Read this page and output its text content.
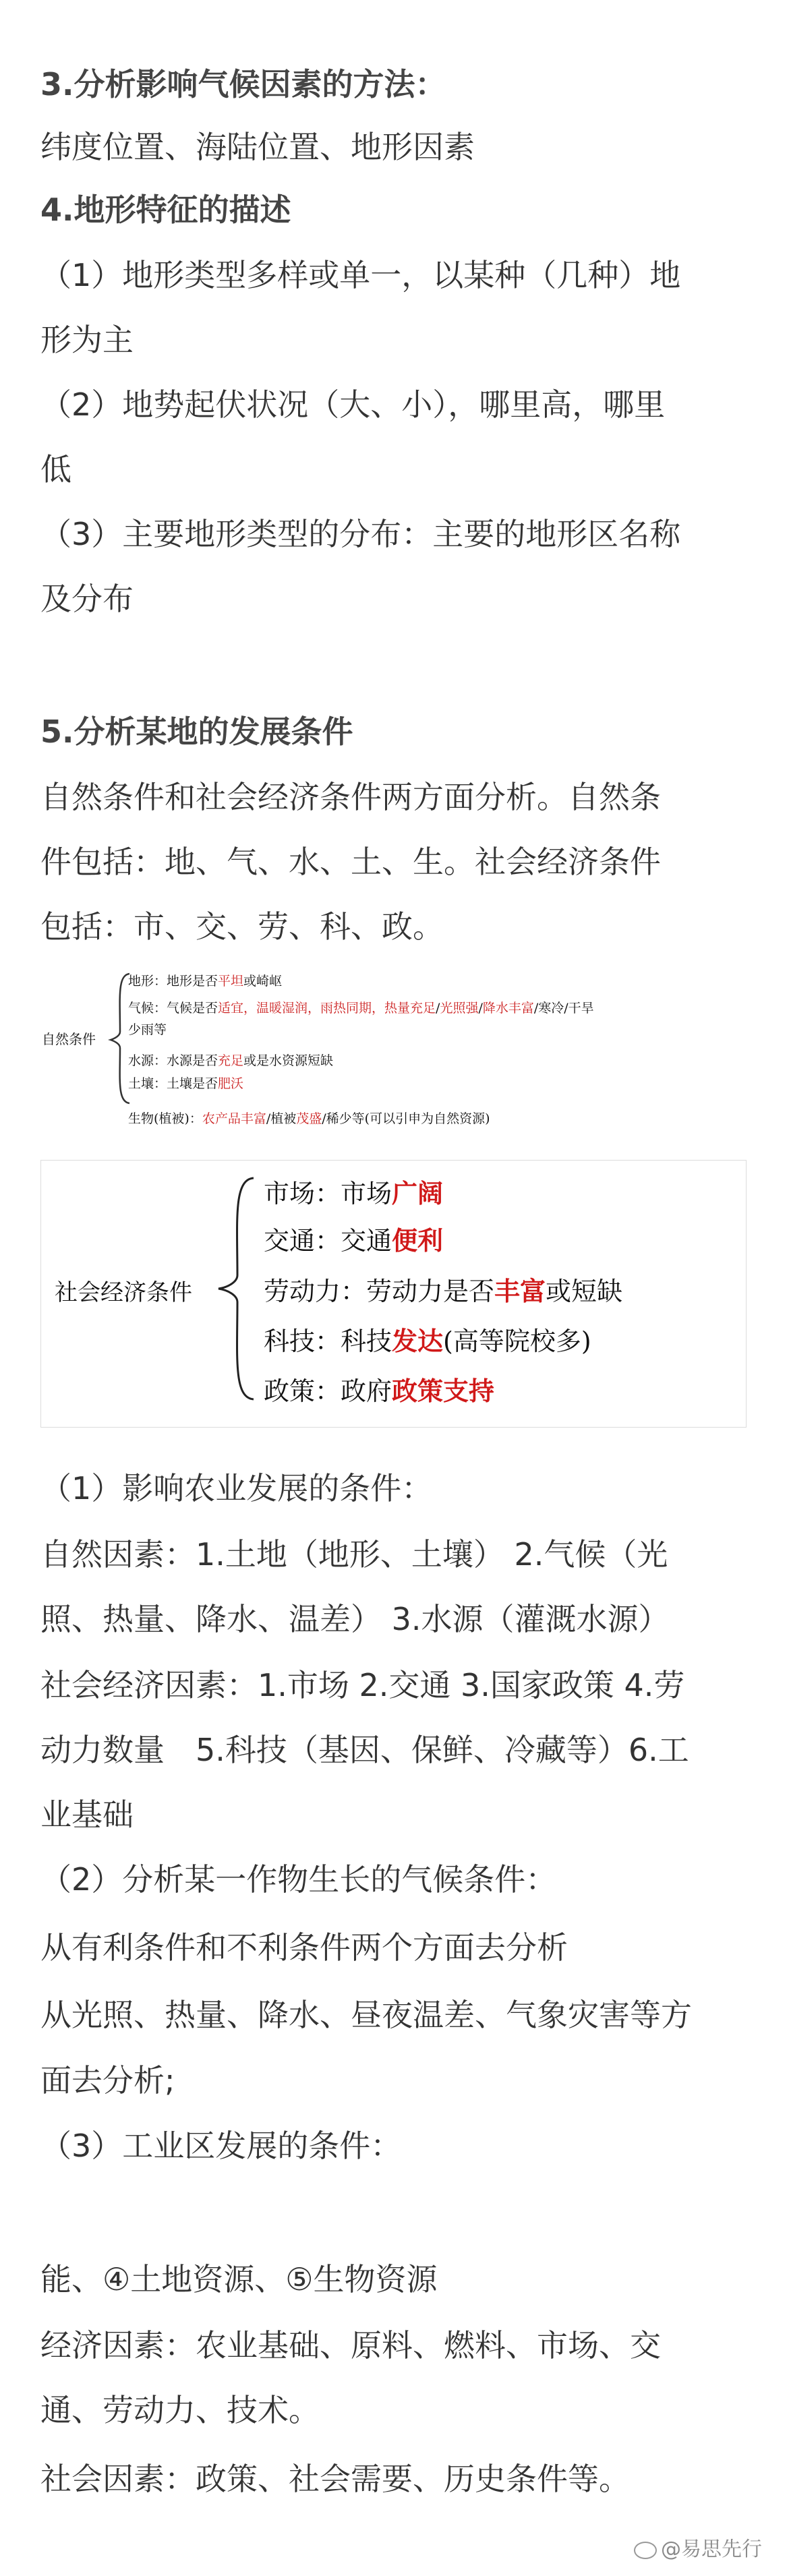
3.分析影响气候因素的方法：
纬度位置、海陆位置、地形因素
4.地形特征的描述
（1）地形类型多样或单一，以某种（几种）地
形为主
（2）地势起伏状况（大、小），哪里高，哪里
低
（3）主要地形类型的分布：主要的地形区名称
及分布
5.分析某地的发展条件
自然条件和社会经济条件两方面分析。自然条
件包括：地、气、水、土、生。社会经济条件
包括：市、交、劳、科、政。
自然条件
地形：地形是否平坦或崎岖
气候：气候是否适宜，温暖湿润，雨热同期，热量充足/光照强/降水丰富/寒冷/干旱
少雨等
水源：水源是否充足或是水资源短缺
土壤：土壤是否肥沃
生物(植被)：农产品丰富/植被茂盛/稀少等(可以引申为自然资源)
社会经济条件
市场：市场广阔
交通：交通便利
劳动力：劳动力是否丰富或短缺
科技：科技发达(高等院校多)
政策：政府政策支持
（1）影响农业发展的条件：
自然因素：1.土地（地形、土壤） 2.气候（光
照、热量、降水、温差） 3.水源（灌溉水源）
社会经济因素：1.市场 2.交通 3.国家政策 4.劳
动力数量　5.科技（基因、保鲜、冷藏等）6.工
业基础
（2）分析某一作物生长的气候条件：
从有利条件和不利条件两个方面去分析
从光照、热量、降水、昼夜温差、气象灾害等方
面去分析;
（3）工业区发展的条件：
能、④土地资源、⑤生物资源
经济因素：农业基础、原料、燃料、市场、交
通、劳动力、技术。
社会因素：政策、社会需要、历史条件等。
@易思先行
